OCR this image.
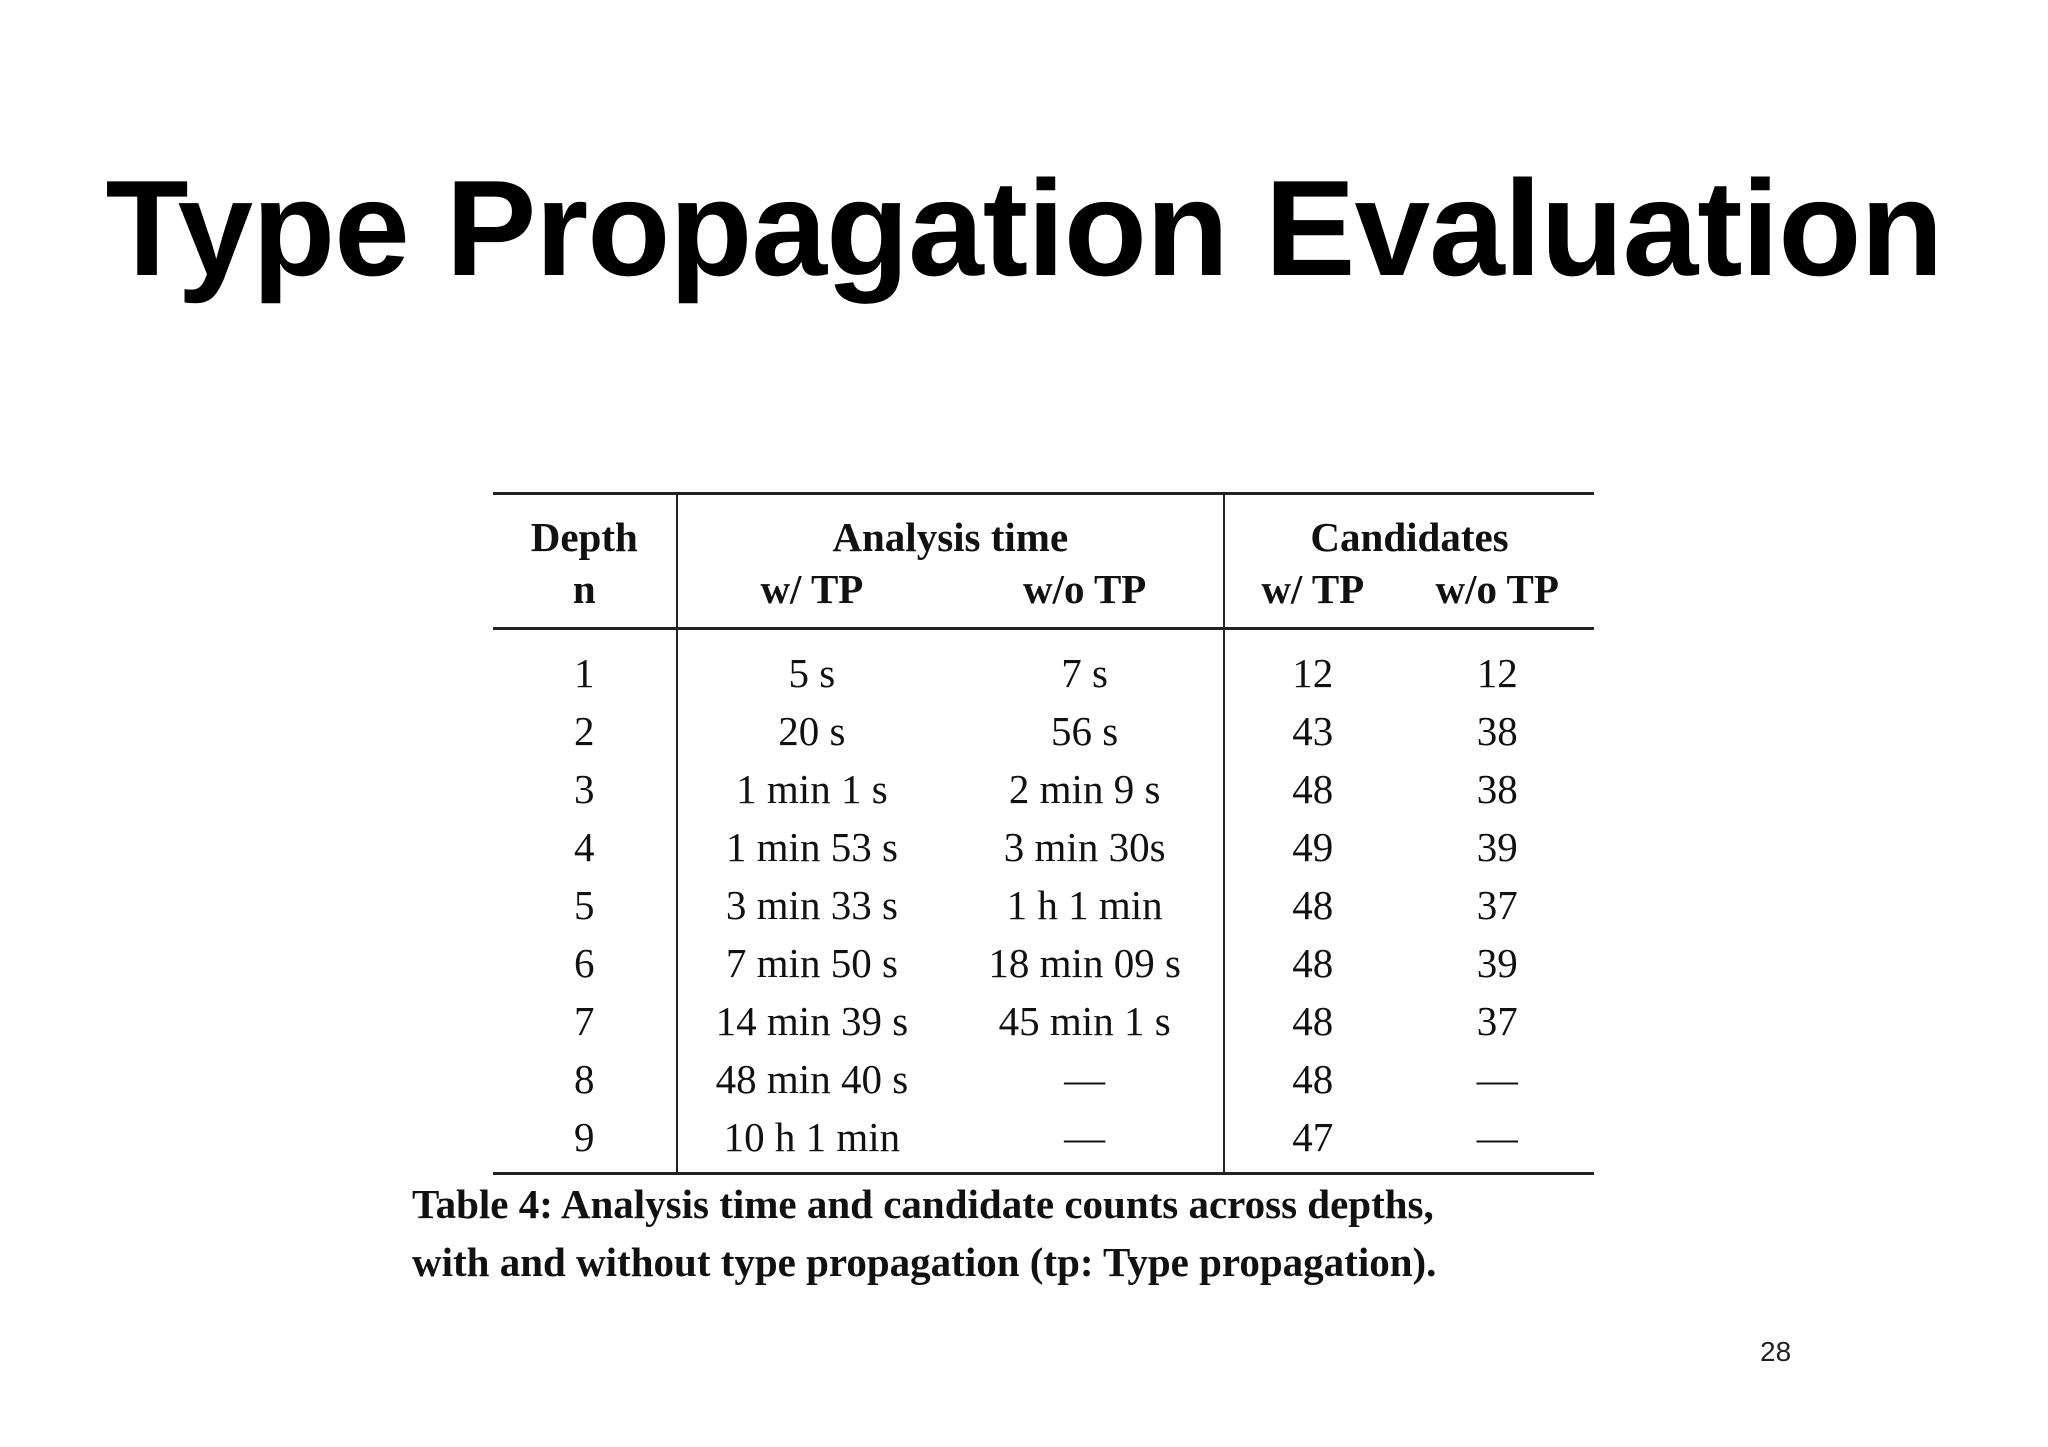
Type Propagation Evaluation
Depth	Analysis time		Candidates	
n	w/ TP	w/o TP	w/ TP	w/o TP
1	5 s	7 s	12	12
2	20 s	56 s	43	38
3	1 min 1 s	2 min 9 s	48	38
4	1 min 53 s	3 min 30s	49	39
5	3 min 33 s	1 h 1 min	48	37
6	7 min 50 s	18 min 09 s	48	39
7	14 min 39 s	45 min 1 s	48	37
8	48 min 40 s	—	48	—
9	10 h 1 min	—	47	—
Table 4: Analysis time and candidate counts across depths,
with and without type propagation (tp: Type propagation).
28
